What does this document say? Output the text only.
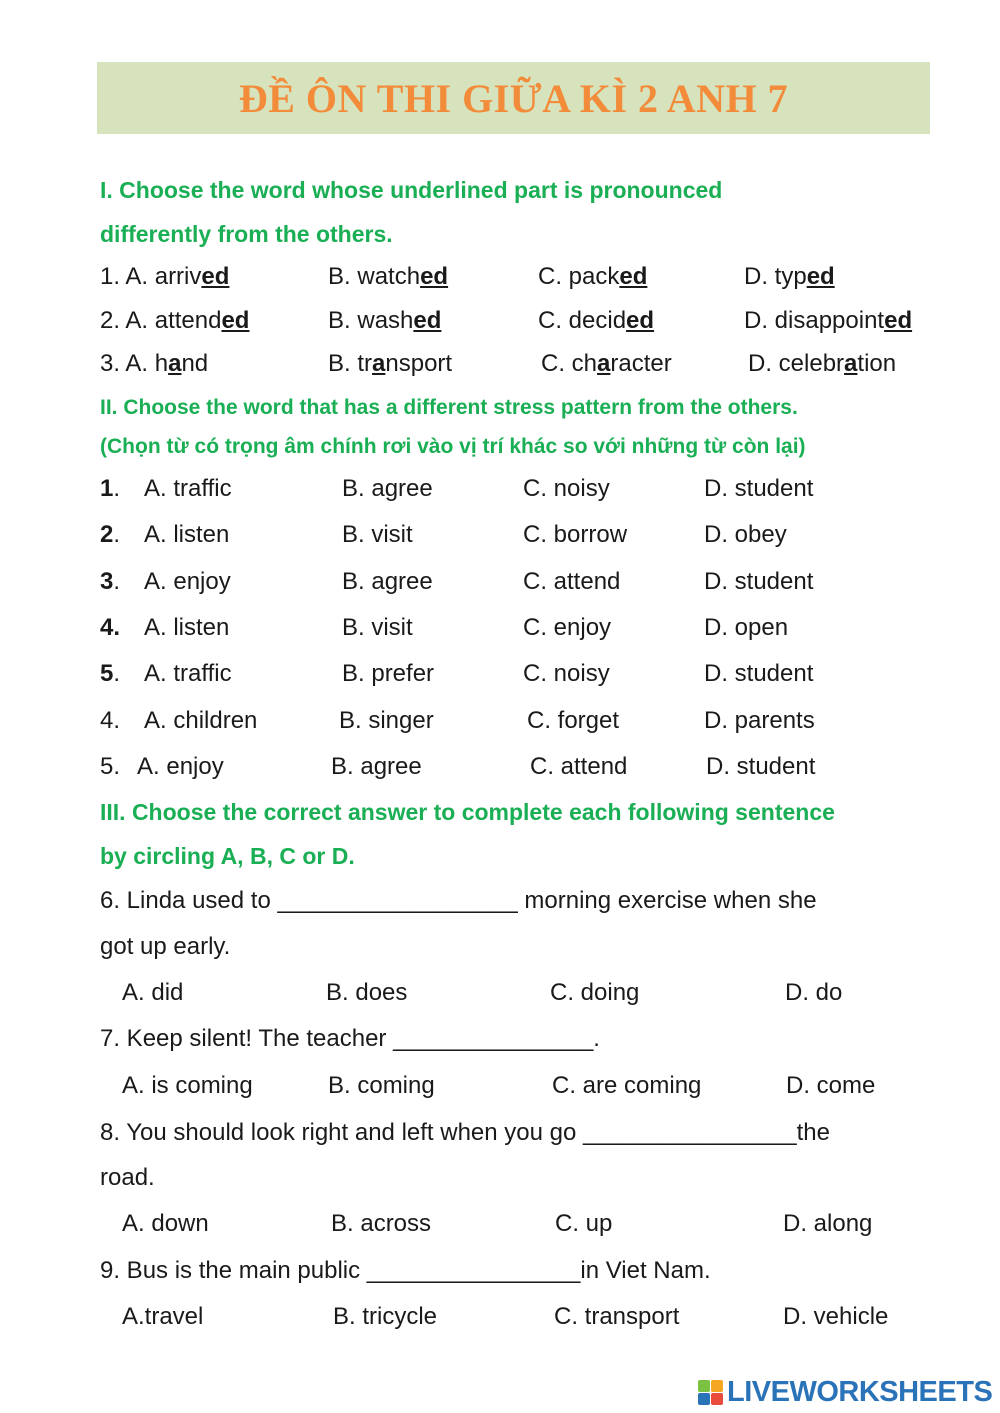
ĐỀ ÔN THI GIỮA KÌ 2 ANH 7
I. Choose the word whose underlined part is pronounced
differently from the others.
1. A. arrived	B. watched	C. packed	D. typed
2. A. attended	B. washed	C. decided	D. disappointed
3. A. hand	B. transport	C. character	D. celebration
II. Choose the word that has a different stress pattern from the others.
(Chọn từ có trọng âm chính rơi vào vị trí khác so với những từ còn lại)
1. A. traffic	B. agree	C. noisy	D. student
2. A. listen	B. visit	C. borrow	D. obey
3. A. enjoy	B. agree	C. attend	D. student
4. A. listen	B. visit	C. enjoy	D. open
5. A. traffic	B. prefer	C. noisy	D. student
4. A. children	B. singer	C. forget	D. parents
5. A. enjoy	B. agree	C. attend	D. student
III. Choose the correct answer to complete each following sentence
by circling A, B, C or D.
6. Linda used to __________________ morning exercise when she
got up early.
A. did	B. does	C. doing	D. do
7. Keep silent! The teacher _______________.
A. is coming	B. coming	C. are coming	D. come
8. You should look right and left when you go ________________the
road.
A. down	B. across	C. up	D. along
9. Bus is the main public ________________in Viet Nam.
A.travel	B. tricycle	C. transport	D. vehicle
LIVEWORKSHEETS
